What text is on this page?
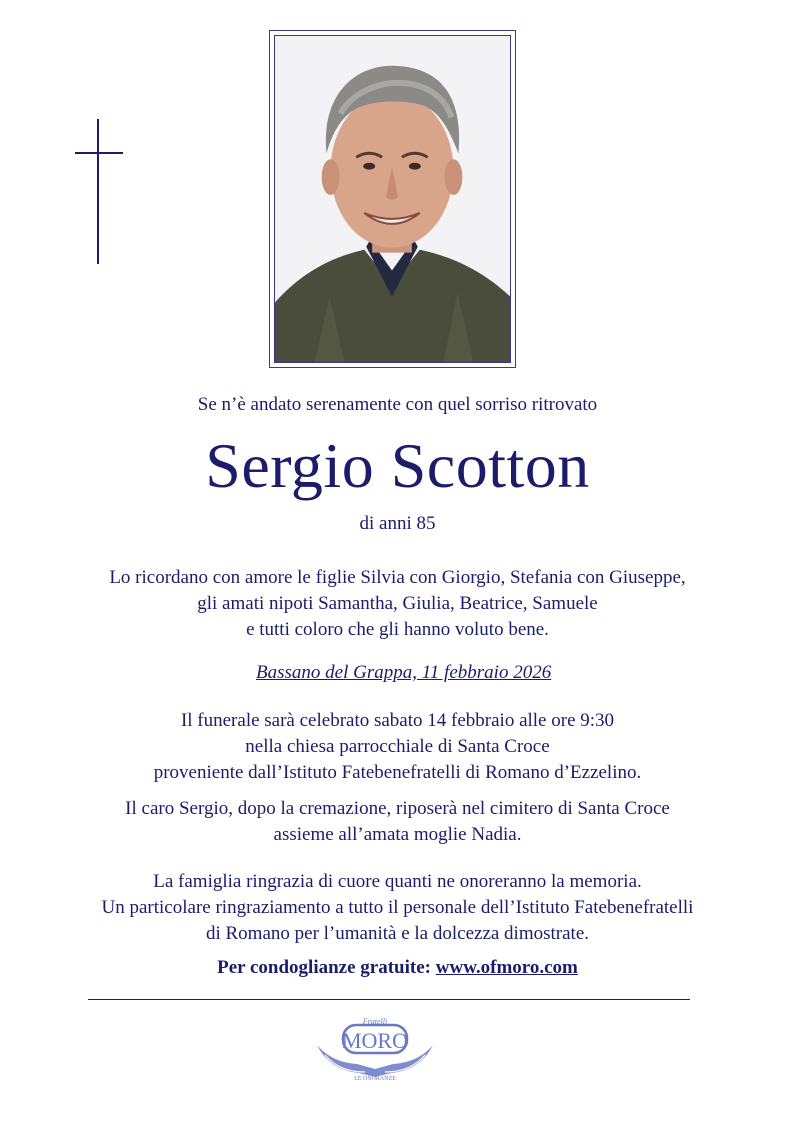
Se n’è andato serenamente con quel sorriso ritrovato
Sergio Scotton
di anni 85
Lo ricordano con amore le figlie Silvia con Giorgio, Stefania con Giuseppe,
gli amati nipoti Samantha, Giulia, Beatrice, Samuele
e tutti coloro che gli hanno voluto bene.
Bassano del Grappa, 11 febbraio 2026
Il funerale sarà celebrato sabato 14 febbraio alle ore 9:30
nella chiesa parrocchiale di Santa Croce
proveniente dall’Istituto Fatebenefratelli di Romano d’Ezzelino.
Il caro Sergio, dopo la cremazione, riposerà nel cimitero di Santa Croce
assieme all’amata moglie Nadia.
La famiglia ringrazia di cuore quanti ne onoreranno la memoria.
Un particolare ringraziamento a tutto il personale dell’Istituto Fatebenefratelli
di Romano per l’umanità e la dolcezza dimostrate.
Per condoglianze gratuite: www.ofmoro.com
Fratelli
MORO
LE ONORANZE
